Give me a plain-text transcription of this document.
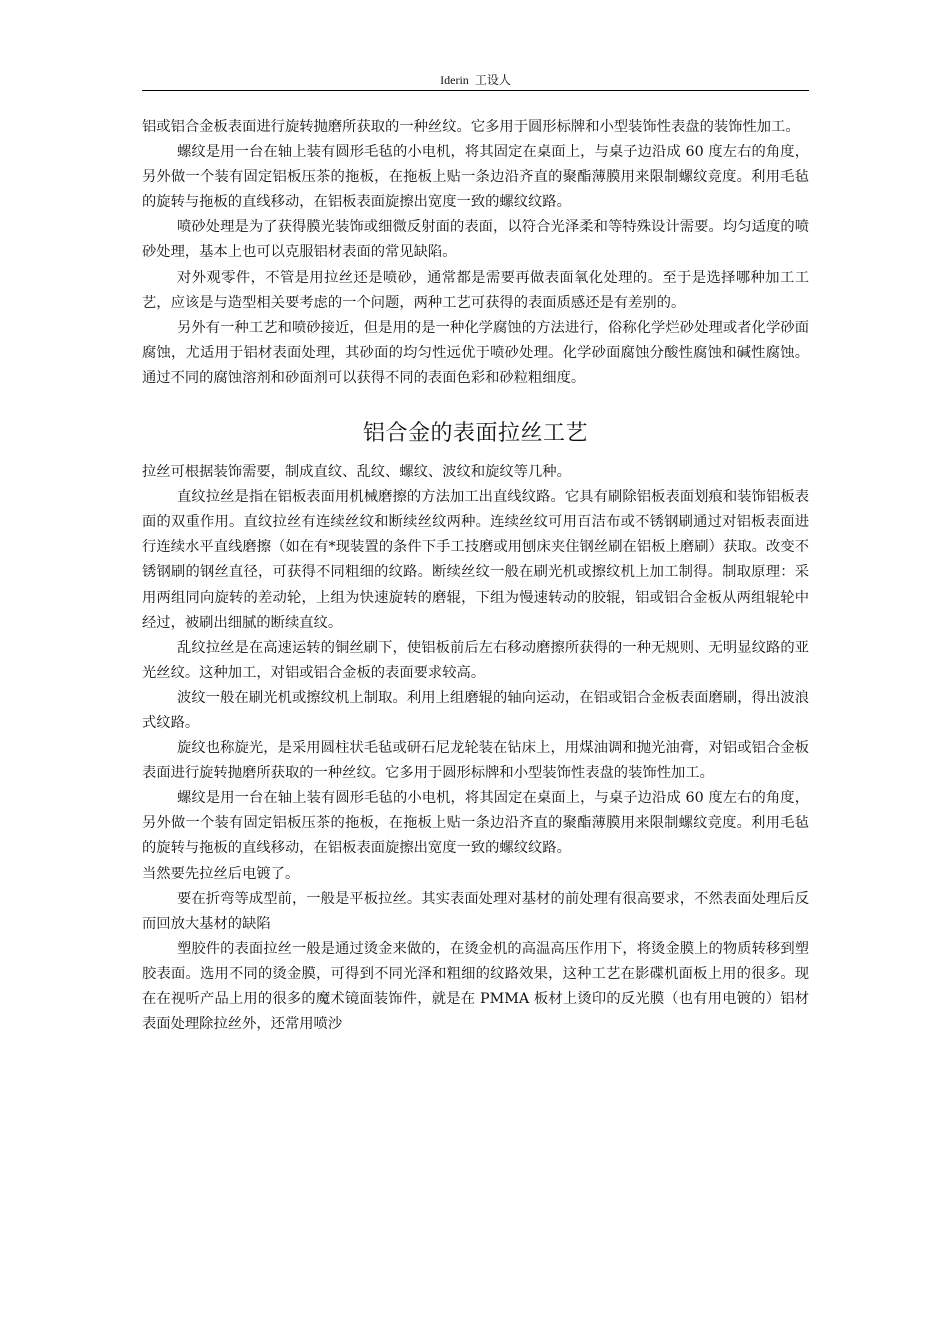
Iderin 工设人

铝或铝合金板表面进行旋转抛磨所获取的一种丝纹。它多用于圆形标牌和小型装饰性表盘的装饰性加工。

螺纹是用一台在轴上装有圆形毛毡的小电机，将其固定在桌面上，与桌子边沿成 60 度左右的角度，另外做一个装有固定铝板压茶的拖板，在拖板上贴一条边沿齐直的聚酯薄膜用来限制螺纹竞度。利用毛毡的旋转与拖板的直线移动，在铝板表面旋擦出宽度一致的螺纹纹路。

喷砂处理是为了获得膜光装饰或细微反射面的表面，以符合光泽柔和等特殊设计需要。均匀适度的喷砂处理，基本上也可以克服铝材表面的常见缺陷。

对外观零件，不管是用拉丝还是喷砂，通常都是需要再做表面氧化处理的。至于是选择哪种加工工艺，应该是与造型相关要考虑的一个问题，两种工艺可获得的表面质感还是有差别的。

另外有一种工艺和喷砂接近，但是用的是一种化学腐蚀的方法进行，俗称化学烂砂处理或者化学砂面腐蚀，尤适用于铝材表面处理，其砂面的均匀性远优于喷砂处理。化学砂面腐蚀分酸性腐蚀和碱性腐蚀。 通过不同的腐蚀溶剂和砂面剂可以获得不同的表面色彩和砂粒粗细度。

铝合金的表面拉丝工艺

拉丝可根据装饰需要，制成直纹、乱纹、螺纹、波纹和旋纹等几种。

直纹拉丝是指在铝板表面用机械磨擦的方法加工出直线纹路。它具有刷除铝板表面划痕和装饰铝板表面的双重作用。直纹拉丝有连续丝纹和断续丝纹两种。连续丝纹可用百洁布或不锈钢刷通过对铝板表面进行连续水平直线磨擦（如在有*现装置的条件下手工技磨或用刨床夹住钢丝刷在铝板上磨刷）获取。改变不锈钢刷的钢丝直径，可获得不同粗细的纹路。断续丝纹一般在刷光机或擦纹机上加工制得。制取原理：采用两组同向旋转的差动轮，上组为快速旋转的磨辊，下组为慢速转动的胶辊，铝或铝合金板从两组辊轮中经过，被刷出细腻的断续直纹。

乱纹拉丝是在高速运转的铜丝刷下，使铝板前后左右移动磨擦所获得的一种无规则、无明显纹路的亚光丝纹。这种加工，对铝或铝合金板的表面要求较高。

波纹一般在刷光机或擦纹机上制取。利用上组磨辊的轴向运动，在铝或铝合金板表面磨刷，得出波浪式纹路。

旋纹也称旋光，是采用圆柱状毛毡或研石尼龙轮装在钻床上，用煤油调和抛光油膏，对铝或铝合金板表面进行旋转抛磨所获取的一种丝纹。它多用于圆形标牌和小型装饰性表盘的装饰性加工。

螺纹是用一台在轴上装有圆形毛毡的小电机，将其固定在桌面上，与桌子边沿成 60 度左右的角度，另外做一个装有固定铝板压茶的拖板，在拖板上贴一条边沿齐直的聚酯薄膜用来限制螺纹竞度。利用毛毡的旋转与拖板的直线移动，在铝板表面旋擦出宽度一致的螺纹纹路。

当然要先拉丝后电镀了。

要在折弯等成型前，一般是平板拉丝。其实表面处理对基材的前处理有很高要求，不然表面处理后反而回放大基材的缺陷

塑胶件的表面拉丝一般是通过烫金来做的，在烫金机的高温高压作用下，将烫金膜上的物质转移到塑胶表面。选用不同的烫金膜，可得到不同光泽和粗细的纹路效果，这种工艺在影碟机面板上用的很多。现在在视听产品上用的很多的魔术镜面装饰件，就是在 PMMA 板材上烫印的反光膜（也有用电镀的）铝材表面处理除拉丝外，还常用喷沙
